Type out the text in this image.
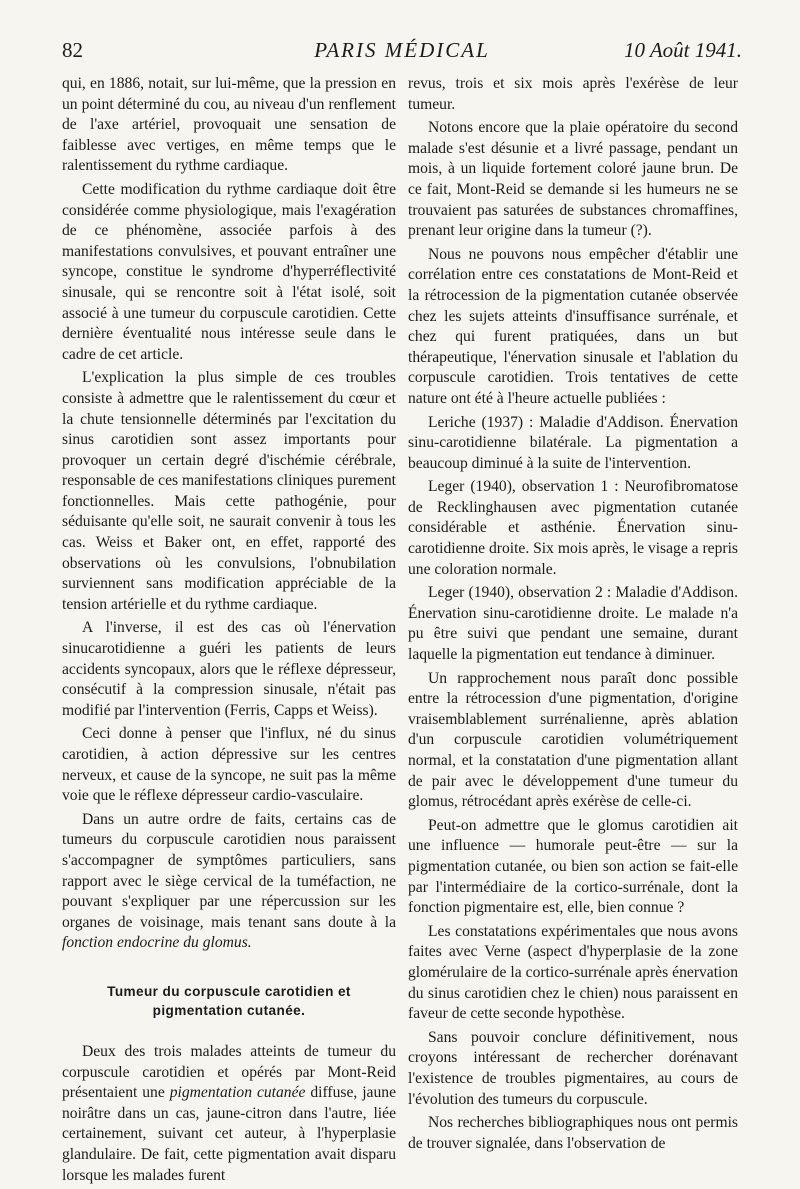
82	PARIS MÉDICAL	10 Août 1941.

qui, en 1886, notait, sur lui-même, que la pression en un point déterminé du cou, au niveau d'un renflement de l'axe artériel, provoquait une sensation de faiblesse avec vertiges, en même temps que le ralentissement du rythme cardiaque.

Cette modification du rythme cardiaque doit être considérée comme physiologique, mais l'exagération de ce phénomène, associée parfois à des manifestations convulsives, et pouvant entraîner une syncope, constitue le syndrome d'hyperréflectivité sinusale, qui se rencontre soit à l'état isolé, soit associé à une tumeur du corpuscule carotidien. Cette dernière éventualité nous intéresse seule dans le cadre de cet article.

L'explication la plus simple de ces troubles consiste à admettre que le ralentissement du cœur et la chute tensionnelle déterminés par l'excitation du sinus carotidien sont assez importants pour provoquer un certain degré d'ischémie cérébrale, responsable de ces manifestations cliniques purement fonctionnelles. Mais cette pathogénie, pour séduisante qu'elle soit, ne saurait convenir à tous les cas. Weiss et Baker ont, en effet, rapporté des observations où les convulsions, l'obnubilation surviennent sans modification appréciable de la tension artérielle et du rythme cardiaque.

A l'inverse, il est des cas où l'énervation sinucarotidienne a guéri les patients de leurs accidents syncopaux, alors que le réflexe dépresseur, consécutif à la compression sinusale, n'était pas modifié par l'intervention (Ferris, Capps et Weiss).

Ceci donne à penser que l'influx, né du sinus carotidien, à action dépressive sur les centres nerveux, et cause de la syncope, ne suit pas la même voie que le réflexe dépresseur cardio-vasculaire.

Dans un autre ordre de faits, certains cas de tumeurs du corpuscule carotidien nous paraissent s'accompagner de symptômes particuliers, sans rapport avec le siège cervical de la tuméfaction, ne pouvant s'expliquer par une répercussion sur les organes de voisinage, mais tenant sans doute à la fonction endocrine du glomus.

Tumeur du corpuscule carotidien et pigmentation cutanée.

Deux des trois malades atteints de tumeur du corpuscule carotidien et opérés par Mont-Reid présentaient une pigmentation cutanée diffuse, jaune noirâtre dans un cas, jaune-citron dans l'autre, liée certainement, suivant cet auteur, à l'hyperplasie glandulaire. De fait, cette pigmentation avait disparu lorsque les malades furent

revus, trois et six mois après l'exérèse de leur tumeur.

Notons encore que la plaie opératoire du second malade s'est désunie et a livré passage, pendant un mois, à un liquide fortement coloré jaune brun. De ce fait, Mont-Reid se demande si les humeurs ne se trouvaient pas saturées de substances chromaffines, prenant leur origine dans la tumeur (?).

Nous ne pouvons nous empêcher d'établir une corrélation entre ces constatations de Mont-Reid et la rétrocession de la pigmentation cutanée observée chez les sujets atteints d'insuffisance surrénale, et chez qui furent pratiquées, dans un but thérapeutique, l'énervation sinusale et l'ablation du corpuscule carotidien. Trois tentatives de cette nature ont été à l'heure actuelle publiées :

Leriche (1937) : Maladie d'Addison. Énervation sinu-carotidienne bilatérale. La pigmentation a beaucoup diminué à la suite de l'intervention.

Leger (1940), observation 1 : Neurofibromatose de Recklinghausen avec pigmentation cutanée considérable et asthénie. Énervation sinu-carotidienne droite. Six mois après, le visage a repris une coloration normale.

Leger (1940), observation 2 : Maladie d'Addison. Énervation sinu-carotidienne droite. Le malade n'a pu être suivi que pendant une semaine, durant laquelle la pigmentation eut tendance à diminuer.

Un rapprochement nous paraît donc possible entre la rétrocession d'une pigmentation, d'origine vraisemblablement surrénalienne, après ablation d'un corpuscule carotidien volumétriquement normal, et la constatation d'une pigmentation allant de pair avec le développement d'une tumeur du glomus, rétrocédant après exérèse de celle-ci.

Peut-on admettre que le glomus carotidien ait une influence — humorale peut-être — sur la pigmentation cutanée, ou bien son action se fait-elle par l'intermédiaire de la cortico-surrénale, dont la fonction pigmentaire est, elle, bien connue ?

Les constatations expérimentales que nous avons faites avec Verne (aspect d'hyperplasie de la zone glomérulaire de la cortico-surrénale après énervation du sinus carotidien chez le chien) nous paraissent en faveur de cette seconde hypothèse.

Sans pouvoir conclure définitivement, nous croyons intéressant de rechercher dorénavant l'existence de troubles pigmentaires, au cours de l'évolution des tumeurs du corpuscule.

Nos recherches bibliographiques nous ont permis de trouver signalée, dans l'observation de
